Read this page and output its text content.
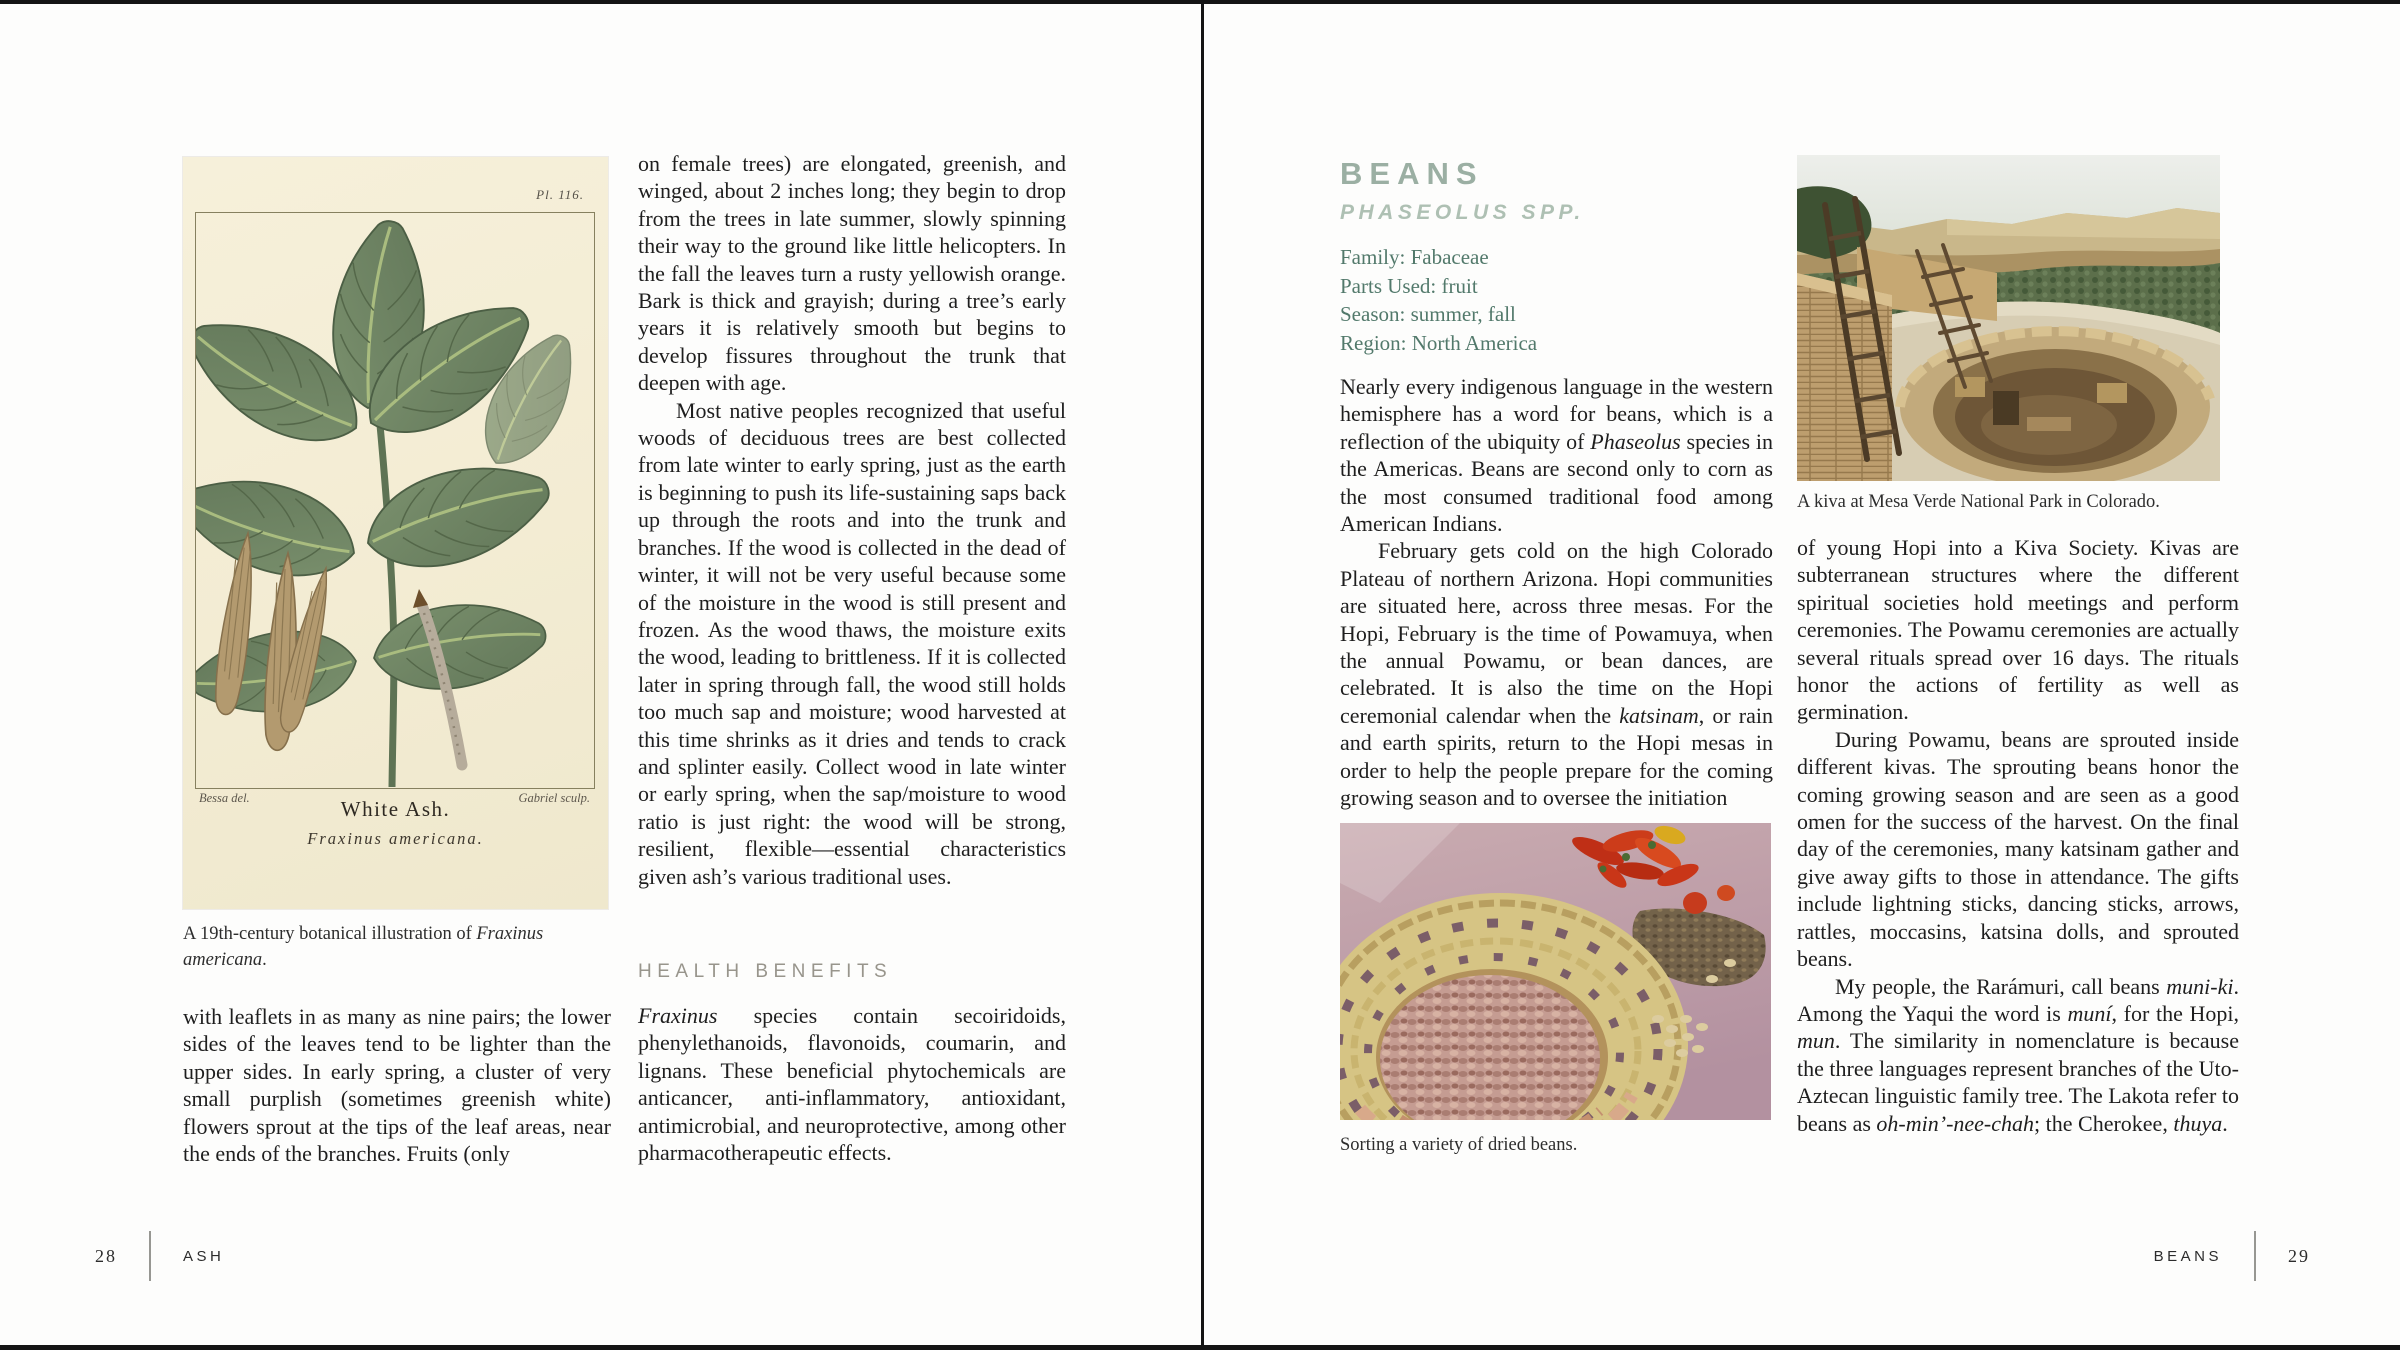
Pl. 116.
Bessa del.	Gabriel sculp.
White Ash.
Fraxinus americana.
A 19th-century botanical illustration of Fraxinus americana.

with leaflets in as many as nine pairs; the lower sides of the leaves tend to be lighter than the upper sides. In early spring, a cluster of very small purplish (sometimes greenish white) flowers sprout at the tips of the leaf areas, near the ends of the branches. Fruits (only

on female trees) are elongated, greenish, and winged, about 2 inches long; they begin to drop from the trees in late summer, slowly spinning their way to the ground like little helicopters. In the fall the leaves turn a rusty yellowish orange. Bark is thick and grayish; during a tree’s early years it is relatively smooth but begins to develop fissures throughout the trunk that deepen with age.

Most native peoples recognized that useful woods of deciduous trees are best collected from late winter to early spring, just as the earth is beginning to push its life-sustaining saps back up through the roots and into the trunk and branches. If the wood is collected in the dead of winter, it will not be very useful because some of the moisture in the wood is still present and frozen. As the wood thaws, the moisture exits the wood, leading to brittleness. If it is collected later in spring through fall, the wood still holds too much sap and moisture; wood harvested at this time shrinks as it dries and tends to crack and splinter easily. Collect wood in late winter or early spring, when the sap/moisture to wood ratio is just right: the wood will be strong, resilient, flexible—essential characteristics given ash’s various traditional uses.

HEALTH BENEFITS

Fraxinus species contain secoiridoids, phenylethanoids, flavonoids, coumarin, and lignans. These beneficial phytochemicals are anticancer, anti-inflammatory, antioxidant, antimicrobial, and neuroprotective, among other pharmacotherapeutic effects.

28	ASH
BEANS
PHASEOLUS SPP.
Family: Fabaceae
Parts Used: fruit
Season: summer, fall
Region: North America

Nearly every indigenous language in the western hemisphere has a word for beans, which is a reflection of the ubiquity of Phaseolus species in the Americas. Beans are second only to corn as the most consumed traditional food among American Indians.

February gets cold on the high Colorado Plateau of northern Arizona. Hopi communities are situated here, across three mesas. For the Hopi, February is the time of Powamuya, when the annual Powamu, or bean dances, are celebrated. It is also the time on the Hopi ceremonial calendar when the katsinam, or rain and earth spirits, return to the Hopi mesas in order to help the people prepare for the coming growing season and to oversee the initiation

A kiva at Mesa Verde National Park in Colorado.
Sorting a variety of dried beans.

of young Hopi into a Kiva Society. Kivas are subterranean structures where the different spiritual societies hold meetings and perform ceremonies. The Powamu ceremonies are actually several rituals spread over 16 days. The rituals honor the actions of fertility as well as germination.

During Powamu, beans are sprouted inside different kivas. The sprouting beans honor the coming growing season and are seen as a good omen for the success of the harvest. On the final day of the ceremonies, many katsinam gather and give away gifts to those in attendance. The gifts include lightning sticks, dancing sticks, arrows, rattles, moccasins, katsina dolls, and sprouted beans.

My people, the Rarámuri, call beans muni-ki. Among the Yaqui the word is muní, for the Hopi, mun. The similarity in nomenclature is because the three languages represent branches of the Uto-Aztecan linguistic family tree. The Lakota refer to beans as oh-min’-nee-chah; the Cherokee, thuya.

BEANS	29
